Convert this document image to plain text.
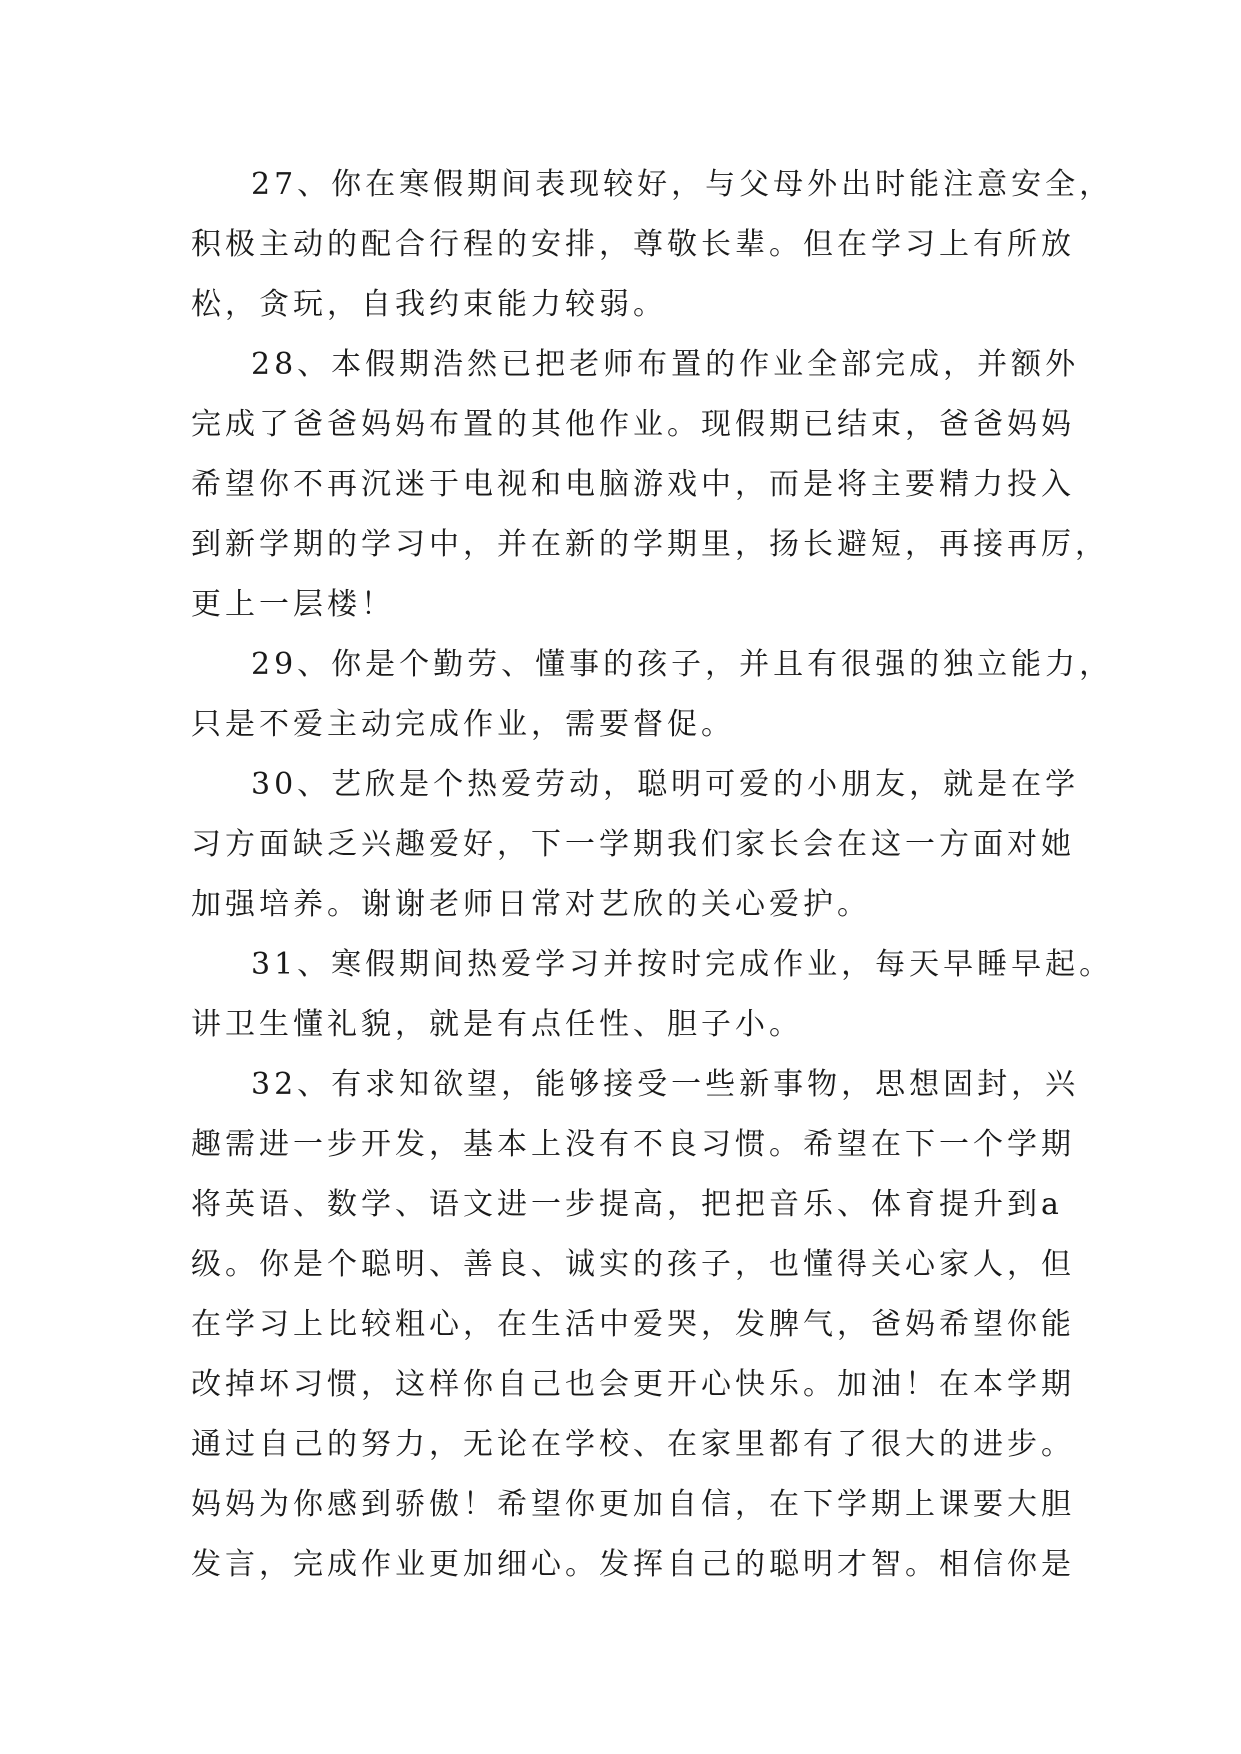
27、你在寒假期间表现较好，与父母外出时能注意安全，
积极主动的配合行程的安排，尊敬长辈。但在学习上有所放
松，贪玩，自我约束能力较弱。
28、本假期浩然已把老师布置的作业全部完成，并额外
完成了爸爸妈妈布置的其他作业。现假期已结束，爸爸妈妈
希望你不再沉迷于电视和电脑游戏中，而是将主要精力投入
到新学期的学习中，并在新的学期里，扬长避短，再接再厉，
更上一层楼！
29、你是个勤劳、懂事的孩子，并且有很强的独立能力，
只是不爱主动完成作业，需要督促。
30、艺欣是个热爱劳动，聪明可爱的小朋友，就是在学
习方面缺乏兴趣爱好，下一学期我们家长会在这一方面对她
加强培养。谢谢老师日常对艺欣的关心爱护。
31、寒假期间热爱学习并按时完成作业，每天早睡早起。
讲卫生懂礼貌，就是有点任性、胆子小。
32、有求知欲望，能够接受一些新事物，思想固封，兴
趣需进一步开发，基本上没有不良习惯。希望在下一个学期
将英语、数学、语文进一步提高，把把音乐、体育提升到a
级。你是个聪明、善良、诚实的孩子，也懂得关心家人，但
在学习上比较粗心，在生活中爱哭，发脾气，爸妈希望你能
改掉坏习惯，这样你自己也会更开心快乐。加油！在本学期
通过自己的努力，无论在学校、在家里都有了很大的进步。
妈妈为你感到骄傲！希望你更加自信，在下学期上课要大胆
发言，完成作业更加细心。发挥自己的聪明才智。相信你是
